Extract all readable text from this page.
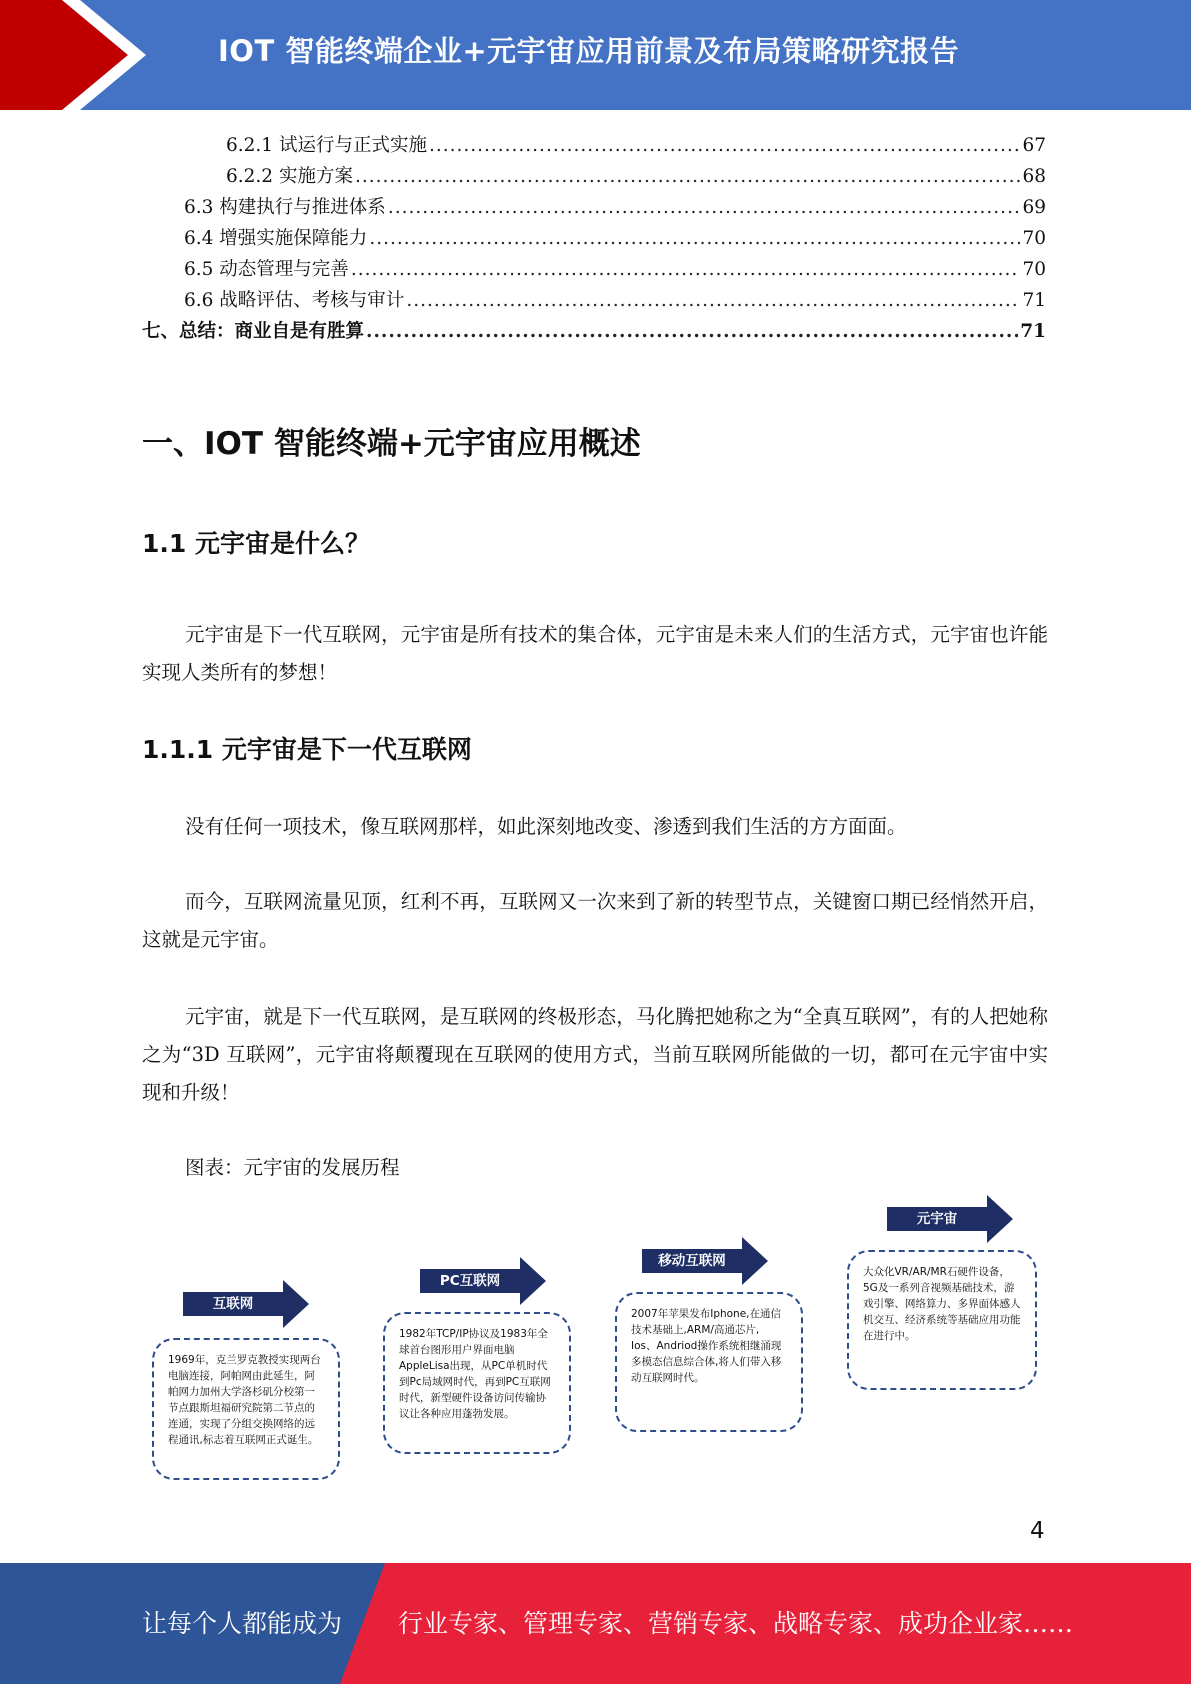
IOT 智能终端企业+元宇宙应用前景及布局策略研究报告
6.2.1 试运行与正式实施 .....	67
6.2.2 实施方案 .....	68
6.3 构建执行与推进体系 .....	69
6.4 增强实施保障能力 .....	70
6.5 动态管理与完善 .....	70
6.6 战略评估、考核与审计 .....	71
七、总结：商业自是有胜算 .....	71
一、IOT 智能终端+元宇宙应用概述
1.1 元宇宙是什么？

元宇宙是下一代互联网，元宇宙是所有技术的集合体，元宇宙是未来人们的生活方式，元宇宙也许能实现人类所有的梦想！

1.1.1 元宇宙是下一代互联网

没有任何一项技术，像互联网那样，如此深刻地改变、渗透到我们生活的方方面面。

而今，互联网流量见顶，红利不再，互联网又一次来到了新的转型节点，关键窗口期已经悄然开启，这就是元宇宙。

元宇宙，就是下一代互联网，是互联网的终极形态，马化腾把她称之为“全真互联网”，有的人把她称之为“3D 互联网”，元宇宙将颠覆现在互联网的使用方式，当前互联网所能做的一切，都可在元宇宙中实现和升级！

图表：元宇宙的发展历程
互联网
1969年，克兰罗克教授实现两台电脑连接，阿帕网由此延生，阿帕网力加州大学洛杉矶分校第一节点跟斯坦福研究院第二节点的连通，实现了分组交换网络的远程通讯,标志着互联网正式诞生。
PC互联网
1982年TCP/IP协议及1983年全球首台图形用户界面电脑AppleLisa出现，从PC单机时代到Pc局域网时代，再到PC互联网时代，新型硬件设备访问传输协议让各种应用蓬勃发展。
移动互联网
2007年苹果发布Iphone,在通信技术基础上,ARM/高通芯片, Ios、Andriod操作系统相继涌现多模态信息综合体,将人们带入移动互联网时代。
元宇宙
大众化VR/AR/MR石硬件设备，5G及一系列音视频基础技术，游戏引擎、网络算力、多界面体感人机交互、经济系统等基础应用功能在进行中。
4
让每个人都能成为 行业专家、管理专家、营销专家、战略专家、成功企业家……
